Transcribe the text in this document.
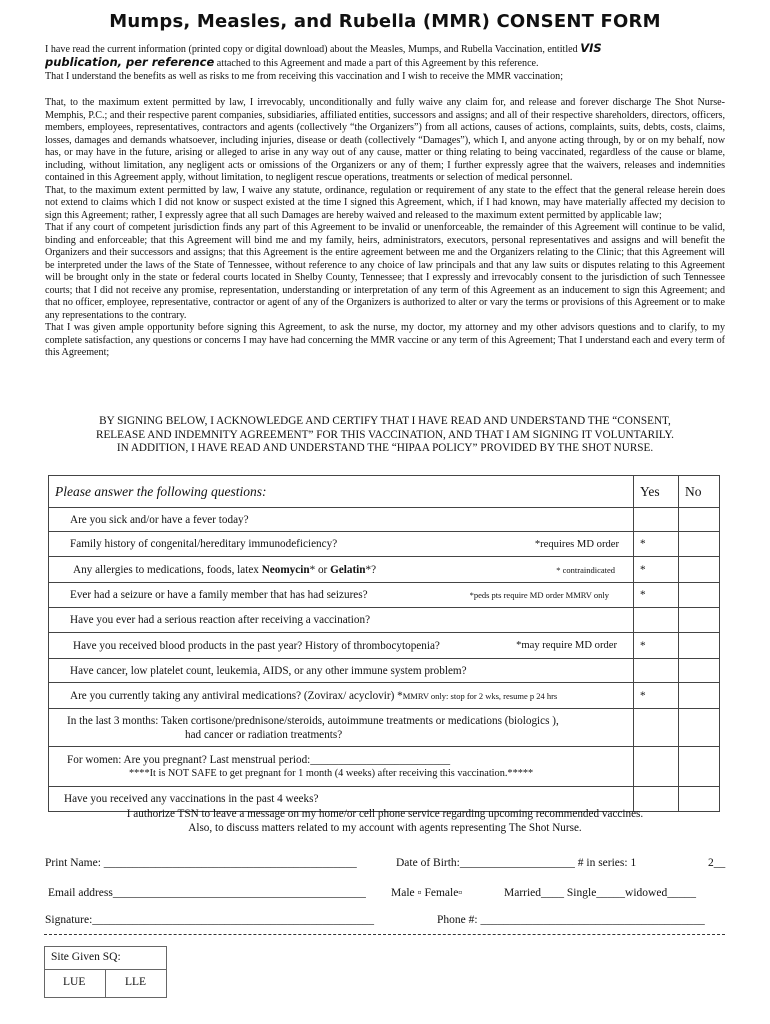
Mumps, Measles, and Rubella (MMR) CONSENT FORM
I have read the current information (printed copy or digital download) about the Measles, Mumps, and Rubella Vaccination, entitled VIS
publication, per reference attached to this Agreement and made a part of this Agreement by this reference.
That I understand the benefits as well as risks to me from receiving this vaccination and I wish to receive the MMR vaccination;

That, to the maximum extent permitted by law, I irrevocably, unconditionally and fully waive any claim for, and release and forever discharge The Shot Nurse-Memphis, P.C.; and their respective parent companies, subsidiaries, affiliated entities, successors and assigns; and all of their respective shareholders, directors, officers, members, employees, representatives, contractors and agents (collectively “the Organizers”) from all actions, causes of actions, complaints, suits, debts, costs, claims, losses, damages and demands whatsoever, including injuries, disease or death (collectively “Damages”), which I, and anyone acting through, by or on my behalf, now has, or may have in the future, arising or alleged to arise in any way out of any cause, matter or thing relating to being vaccinated, regardless of the cause or blame, including, without limitation, any negligent acts or omissions of the Organizers or any of them; I further expressly agree that the waivers, releases and indemnities contained in this Agreement apply, without limitation, to negligent rescue operations, treatments or selection of medical personnel.

That, to the maximum extent permitted by law, I waive any statute, ordinance, regulation or requirement of any state to the effect that the general release herein does not extend to claims which I did not know or suspect existed at the time I signed this Agreement, which, if I had known, may have materially affected my decision to sign this Agreement; rather, I expressly agree that all such Damages are hereby waived and released to the maximum extent permitted by applicable law;

That if any court of competent jurisdiction finds any part of this Agreement to be invalid or unenforceable, the remainder of this Agreement will continue to be valid, binding and enforceable; that this Agreement will bind me and my family, heirs, administrators, executors, personal representatives and assigns and will benefit the Organizers and their successors and assigns; that this Agreement is the entire agreement between me and the Organizers relating to the Clinic; that this Agreement will be interpreted under the laws of the State of Tennessee, without reference to any choice of law principals and that any law suits or disputes relating to this Agreement will be brought only in the state or federal courts located in Shelby County, Tennessee; that I expressly and irrevocably consent to the jurisdiction of such Tennessee courts; that I did not receive any promise, representation, understanding or interpretation of any term of this Agreement as an inducement to sign this Agreement; and that no officer, employee, representative, contractor or agent of any of the Organizers is authorized to alter or vary the terms or provisions of this Agreement or to make any representations to the contrary.

That I was given ample opportunity before signing this Agreement, to ask the nurse, my doctor, my attorney and my other advisors questions and to clarify, to my complete satisfaction, any questions or concerns I may have had concerning the MMR vaccine or any term of this Agreement; That I understand each and every term of this Agreement;

BY SIGNING BELOW, I ACKNOWLEDGE AND CERTIFY THAT I HAVE READ AND UNDERSTAND THE “CONSENT,
RELEASE AND INDEMNITY AGREEMENT” FOR THIS VACCINATION, AND THAT I AM SIGNING IT VOLUNTARILY.
IN ADDITION, I HAVE READ AND UNDERSTAND THE “HIPAA POLICY” PROVIDED BY THE SHOT NURSE.
Please answer the following questions:	Yes	No
Are you sick and/or have a fever today?		

Family history of congenital/hereditary immunodeficiency? *requires MD order	*	

Any allergies to medications, foods, latex Neomycin* or Gelatin*? * contraindicated	*	

Ever had a seizure or have a family member that has had seizures? *peds pts require MD order MMRV only	*	
Have you ever had a serious reaction after receiving a vaccination?		

Have you received blood products in the past year? History of thrombocytopenia? *may require MD order	*	
Have cancer, low platelet count, leukemia, AIDS, or any other immune system problem?		
Are you currently taking any antiviral medications? (Zovirax/ acyclovir) *MMRV only: stop for 2 wks, resume p 24 hrs	*	

In the last 3 months: Taken cortisone/prednisone/steroids, autoimmune treatments or medications (biologics ),
had cancer or radiation treatments?		

For women: Are you pregnant? Last menstrual period:_________________________
****It is NOT SAFE to get pregnant for 1 month (4 weeks) after receiving this vaccination.*****		

Have you received any vaccinations in the past 4 weeks?		
I authorize TSN to leave a message on my home/or cell phone service regarding upcoming recommended vaccines.
Also, to discuss matters related to my account with agents representing The Shot Nurse.
Print Name: ____________________________________________	Date of Birth:____________________ # in series: 1	2__
Email address____________________________________________ Male ▫ Female▫	Married____ Single_____widowed_____
Signature:_________________________________________________	Phone #: _______________________________________
Site Given SQ:
LUE	LLE
